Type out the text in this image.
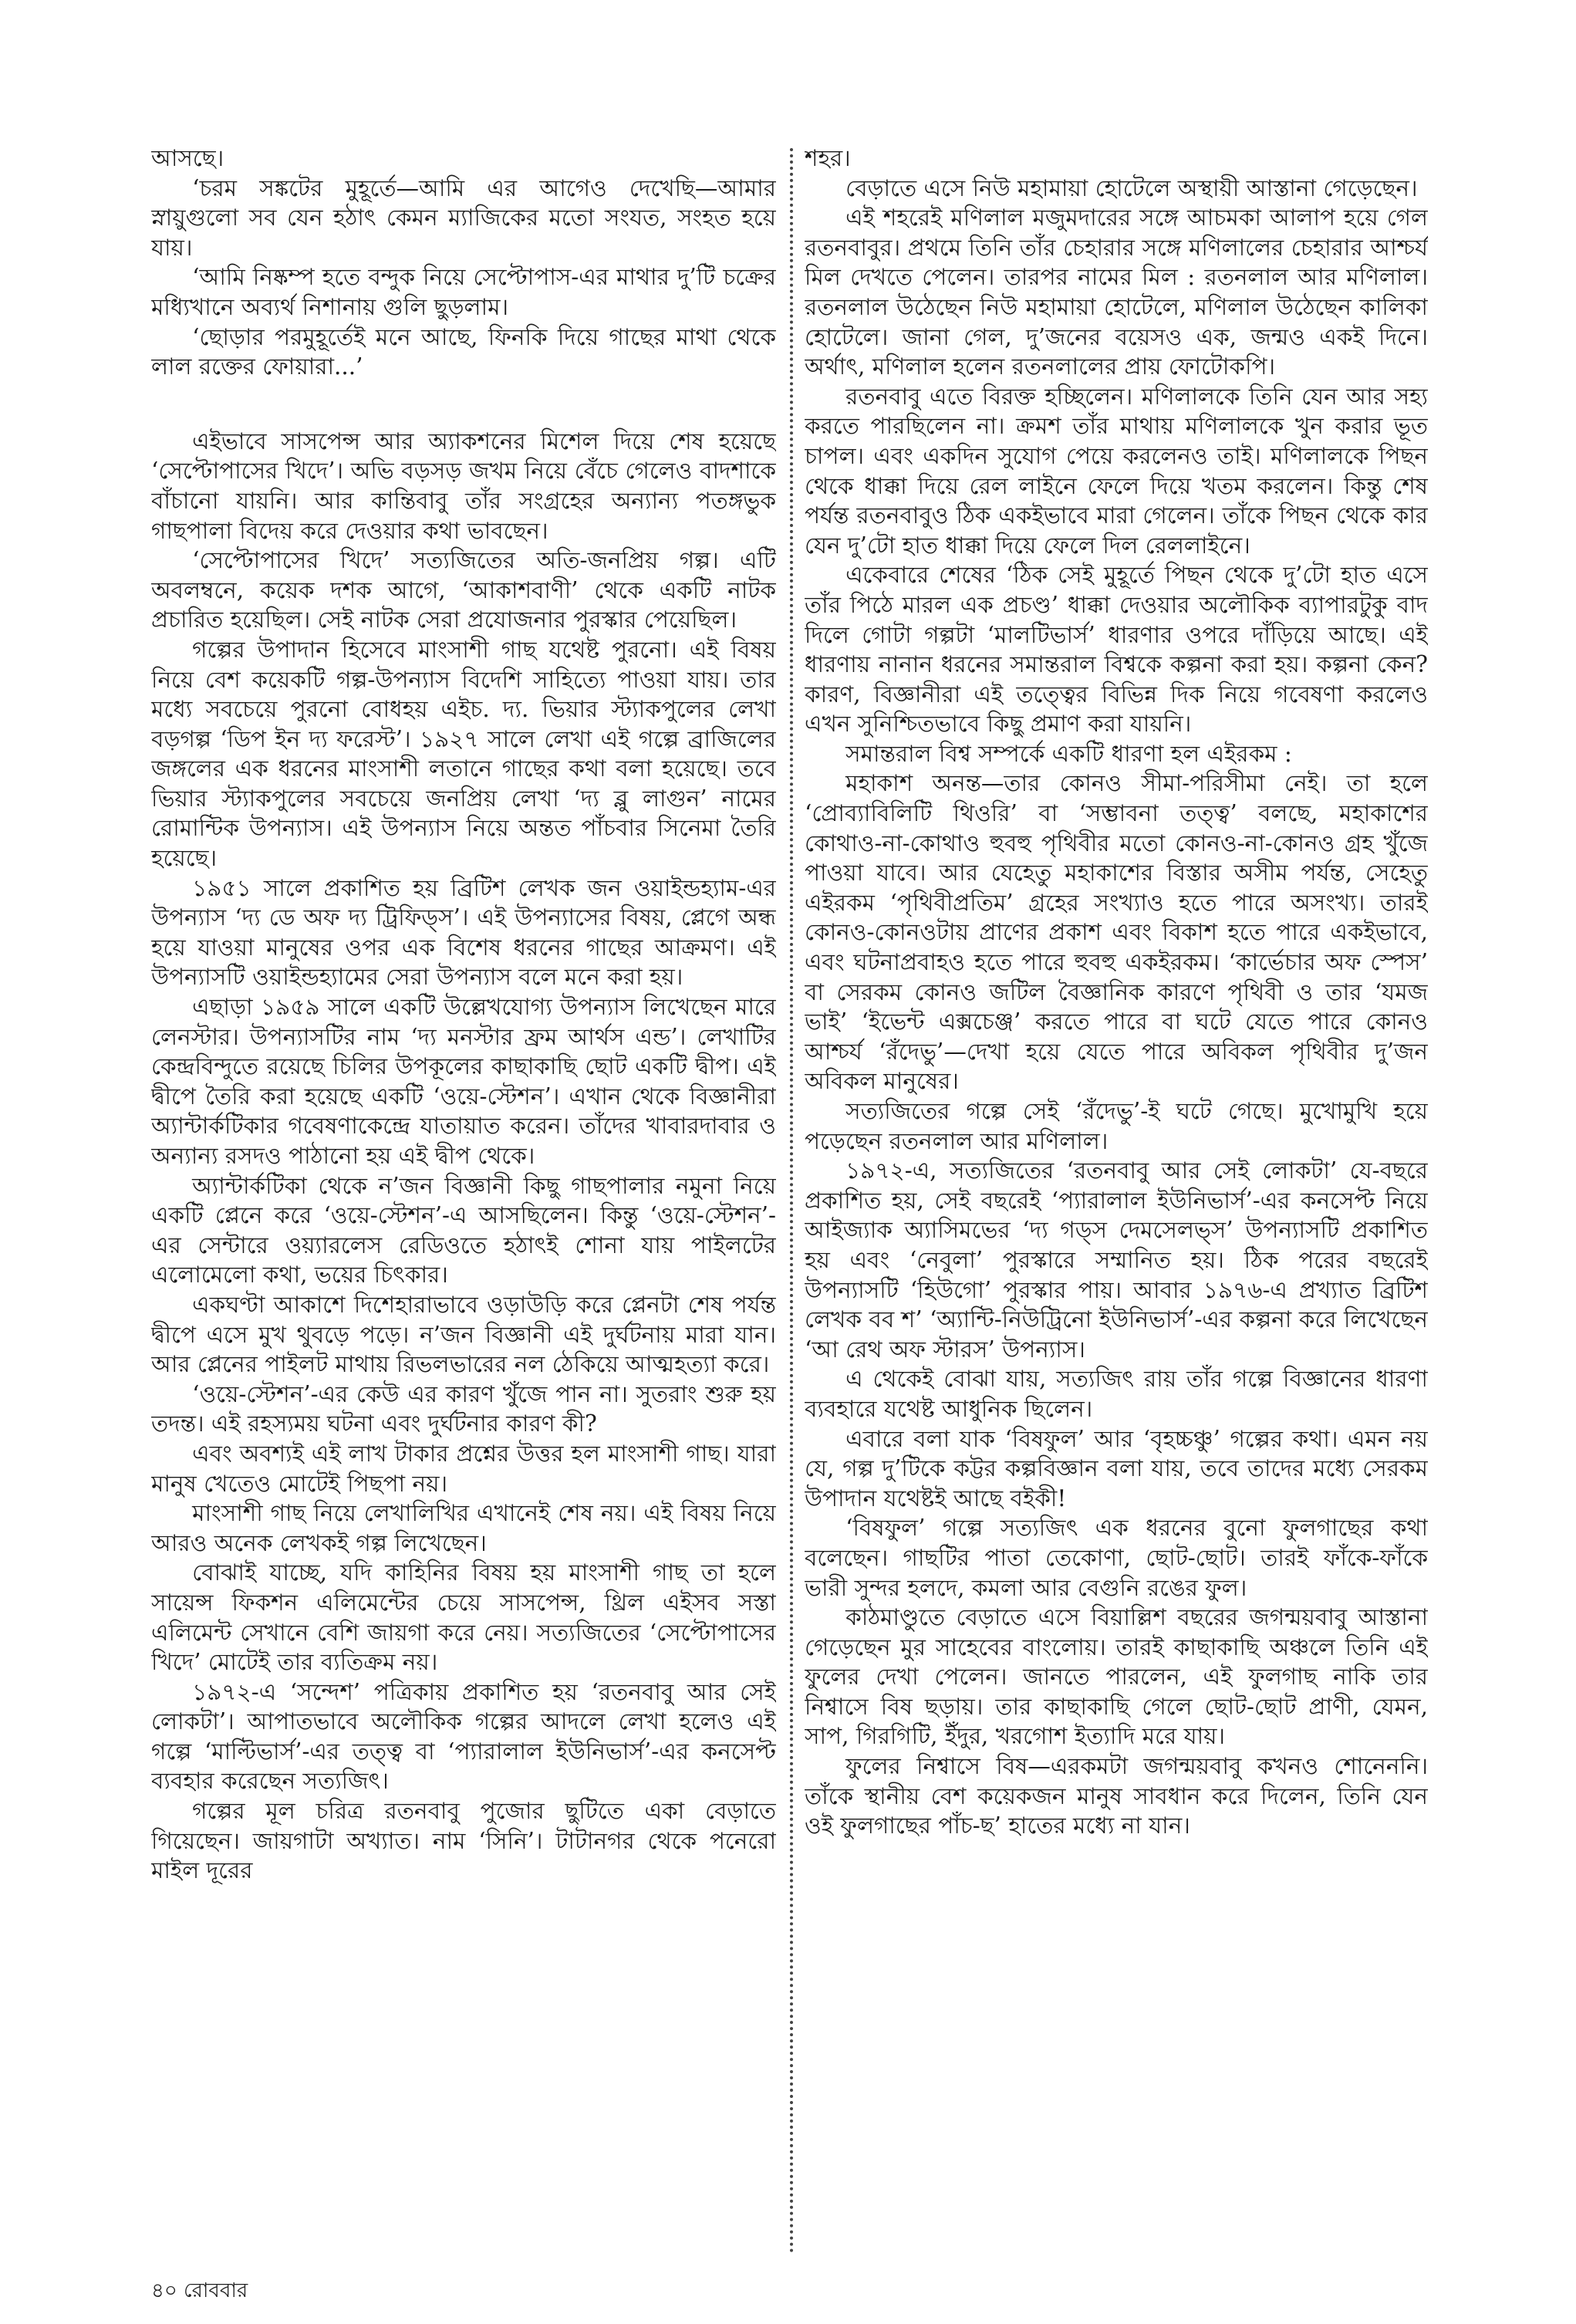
আসছে।

‘চরম সঙ্কটের মুহূর্তে—আমি এর আগেও দেখেছি—আমার স্নায়ুগুলো সব যেন হঠাৎ কেমন ম্যাজিকের মতো সংযত, সংহত হয়ে যায়।

‘আমি নিষ্কম্প হতে বন্দুক নিয়ে সেপ্টোপাস-এর মাথার দু’টি চক্রের মধ্যিখানে অব্যর্থ নিশানায় গুলি ছুড়লাম।

‘ছোড়ার পরমুহূর্তেই মনে আছে, ফিনকি দিয়ে গাছের মাথা থেকে লাল রক্তের ফোয়ারা...’

এইভাবে সাসপেন্স আর অ্যাকশনের মিশেল দিয়ে শেষ হয়েছে ‘সেপ্টোপাসের খিদে’। অভি বড়সড় জখম নিয়ে বেঁচে গেলেও বাদশাকে বাঁচানো যায়নি। আর কান্তিবাবু তাঁর সংগ্রহের অন্যান্য পতঙ্গভুক গাছপালা বিদেয় করে দেওয়ার কথা ভাবছেন।

‘সেপ্টোপাসের খিদে’ সত্যজিতের অতি-জনপ্রিয় গল্প। এটি অবলম্বনে, কয়েক দশক আগে, ‘আকাশবাণী’ থেকে একটি নাটক প্রচারিত হয়েছিল। সেই নাটক সেরা প্রযোজনার পুরস্কার পেয়েছিল।

গল্পের উপাদান হিসেবে মাংসাশী গাছ যথেষ্ট পুরনো। এই বিষয় নিয়ে বেশ কয়েকটি গল্প-উপন্যাস বিদেশি সাহিত্যে পাওয়া যায়। তার মধ্যে সবচেয়ে পুরনো বোধহয় এইচ. দ্য. ভিয়ার স্ট্যাকপুলের লেখা বড়গল্প ‘ডিপ ইন দ্য ফরেস্ট’। ১৯২৭ সালে লেখা এই গল্পে ব্রাজিলের জঙ্গলের এক ধরনের মাংসাশী লতানে গাছের কথা বলা হয়েছে। তবে ভিয়ার স্ট্যাকপুলের সবচেয়ে জনপ্রিয় লেখা ‘দ্য ব্লু লাগুন’ নামের রোমান্টিক উপন্যাস। এই উপন্যাস নিয়ে অন্তত পাঁচবার সিনেমা তৈরি হয়েছে।

১৯৫১ সালে প্রকাশিত হয় ব্রিটিশ লেখক জন ওয়াইন্ডহ্যাম-এর উপন্যাস ‘দ্য ডে অফ দ্য ট্রিফিড্স’। এই উপন্যাসের বিষয়, প্লেগে অন্ধ হয়ে যাওয়া মানুষের ওপর এক বিশেষ ধরনের গাছের আক্রমণ। এই উপন্যাসটি ওয়াইন্ডহ্যামের সেরা উপন্যাস বলে মনে করা হয়।

এছাড়া ১৯৫৯ সালে একটি উল্লেখযোগ্য উপন্যাস লিখেছেন মারে লেনস্টার। উপন্যাসটির নাম ‘দ্য মনস্টার ফ্রম আর্থস এন্ড’। লেখাটির কেন্দ্রবিন্দুতে রয়েছে চিলির উপকূলের কাছাকাছি ছোট একটি দ্বীপ। এই দ্বীপে তৈরি করা হয়েছে একটি ‘ওয়ে-স্টেশন’। এখান থেকে বিজ্ঞানীরা অ্যান্টার্কটিকার গবেষণাকেন্দ্রে যাতায়াত করেন। তাঁদের খাবারদাবার ও অন্যান্য রসদও পাঠানো হয় এই দ্বীপ থেকে।

অ্যান্টার্কটিকা থেকে ন’জন বিজ্ঞানী কিছু গাছপালার নমুনা নিয়ে একটি প্লেনে করে ‘ওয়ে-স্টেশন’-এ আসছিলেন। কিন্তু ‘ওয়ে-স্টেশন’-এর সেন্টারে ওয়্যারলেস রেডিওতে হঠাৎই শোনা যায় পাইলটের এলোমেলো কথা, ভয়ের চিৎকার।

একঘণ্টা আকাশে দিশেহারাভাবে ওড়াউড়ি করে প্লেনটা শেষ পর্যন্ত দ্বীপে এসে মুখ থুবড়ে পড়ে। ন’জন বিজ্ঞানী এই দুর্ঘটনায় মারা যান। আর প্লেনের পাইলট মাথায় রিভলভারের নল ঠেকিয়ে আত্মহত্যা করে।

‘ওয়ে-স্টেশন’-এর কেউ এর কারণ খুঁজে পান না। সুতরাং শুরু হয় তদন্ত। এই রহস্যময় ঘটনা এবং দুর্ঘটনার কারণ কী?

এবং অবশ্যই এই লাখ টাকার প্রশ্নের উত্তর হল মাংসাশী গাছ। যারা মানুষ খেতেও মোটেই পিছপা নয়।

মাংসাশী গাছ নিয়ে লেখালিখির এখানেই শেষ নয়। এই বিষয় নিয়ে আরও অনেক লেখকই গল্প লিখেছেন।

বোঝাই যাচ্ছে, যদি কাহিনির বিষয় হয় মাংসাশী গাছ তা হলে সায়েন্স ফিকশন এলিমেন্টের চেয়ে সাসপেন্স, থ্রিল এইসব সস্তা এলিমেন্ট সেখানে বেশি জায়গা করে নেয়। সত্যজিতের ‘সেপ্টোপাসের খিদে’ মোটেই তার ব্যতিক্রম নয়।

১৯৭২-এ ‘সন্দেশ’ পত্রিকায় প্রকাশিত হয় ‘রতনবাবু আর সেই লোকটা’। আপাতভাবে অলৌকিক গল্পের আদলে লেখা হলেও এই গল্পে ‘মাল্টিভার্স’-এর তত্ত্ব বা ‘প্যারালাল ইউনিভার্স’-এর কনসেপ্ট ব্যবহার করেছেন সত্যজিৎ।

গল্পের মূল চরিত্র রতনবাবু পুজোর ছুটিতে একা বেড়াতে গিয়েছেন। জায়গাটা অখ্যাত। নাম ‘সিনি’। টাটানগর থেকে পনেরো মাইল দূরের

শহর।

বেড়াতে এসে নিউ মহামায়া হোটেলে অস্থায়ী আস্তানা গেড়েছেন।

এই শহরেই মণিলাল মজুমদারের সঙ্গে আচমকা আলাপ হয়ে গেল রতনবাবুর। প্রথমে তিনি তাঁর চেহারার সঙ্গে মণিলালের চেহারার আশ্চর্য মিল দেখতে পেলেন। তারপর নামের মিল : রতনলাল আর মণিলাল। রতনলাল উঠেছেন নিউ মহামায়া হোটেলে, মণিলাল উঠেছেন কালিকা হোটেলে। জানা গেল, দু’জনের বয়েসও এক, জন্মও একই দিনে। অর্থাৎ, মণিলাল হলেন রতনলালের প্রায় ফোটোকপি।

রতনবাবু এতে বিরক্ত হচ্ছিলেন। মণিলালকে তিনি যেন আর সহ্য করতে পারছিলেন না। ক্রমশ তাঁর মাথায় মণিলালকে খুন করার ভূত চাপল। এবং একদিন সুযোগ পেয়ে করলেনও তাই। মণিলালকে পিছন থেকে ধাক্কা দিয়ে রেল লাইনে ফেলে দিয়ে খতম করলেন। কিন্তু শেষ পর্যন্ত রতনবাবুও ঠিক একইভাবে মারা গেলেন। তাঁকে পিছন থেকে কার যেন দু’টো হাত ধাক্কা দিয়ে ফেলে দিল রেললাইনে।

একেবারে শেষের ‘ঠিক সেই মুহূর্তে পিছন থেকে দু’টো হাত এসে তাঁর পিঠে মারল এক প্রচণ্ড’ ধাক্কা দেওয়ার অলৌকিক ব্যাপারটুকু বাদ দিলে গোটা গল্পটা ‘মালটিভার্স’ ধারণার ওপরে দাঁড়িয়ে আছে। এই ধারণায় নানান ধরনের সমান্তরাল বিশ্বকে কল্পনা করা হয়। কল্পনা কেন? কারণ, বিজ্ঞানীরা এই তত্ত্বের বিভিন্ন দিক নিয়ে গবেষণা করলেও এখন সুনিশ্চিতভাবে কিছু প্রমাণ করা যায়নি।

সমান্তরাল বিশ্ব সম্পর্কে একটি ধারণা হল এইরকম :

মহাকাশ অনন্ত—তার কোনও সীমা-পরিসীমা নেই। তা হলে ‘প্রোব্যাবিলিটি থিওরি’ বা ‘সম্ভাবনা তত্ত্ব’ বলছে, মহাকাশের কোথাও-না-কোথাও হুবহু পৃথিবীর মতো কোনও-না-কোনও গ্রহ খুঁজে পাওয়া যাবে। আর যেহেতু মহাকাশের বিস্তার অসীম পর্যন্ত, সেহেতু এইরকম ‘পৃথিবীপ্রতিম’ গ্রহের সংখ্যাও হতে পারে অসংখ্য। তারই কোনও-কোনওটায় প্রাণের প্রকাশ এবং বিকাশ হতে পারে একইভাবে, এবং ঘটনাপ্রবাহও হতে পারে হুবহু একইরকম। ‘কার্ভেচার অফ স্পেস’ বা সেরকম কোনও জটিল বৈজ্ঞানিক কারণে পৃথিবী ও তার ‘যমজ ভাই’ ‘ইভেন্ট এক্সচেঞ্জ’ করতে পারে বা ঘটে যেতে পারে কোনও আশ্চর্য ‘রঁদেভু’—দেখা হয়ে যেতে পারে অবিকল পৃথিবীর দু’জন অবিকল মানুষের।

সত্যজিতের গল্পে সেই ‘রঁদেভু’-ই ঘটে গেছে। মুখোমুখি হয়ে পড়েছেন রতনলাল আর মণিলাল।

১৯৭২-এ, সত্যজিতের ‘রতনবাবু আর সেই লোকটা’ যে-বছরে প্রকাশিত হয়, সেই বছরেই ‘প্যারালাল ইউনিভার্স’-এর কনসেপ্ট নিয়ে আইজ্যাক অ্যাসিমভের ‘দ্য গড্স দেমসেলভ্স’ উপন্যাসটি প্রকাশিত হয় এবং ‘নেবুলা’ পুরস্কারে সম্মানিত হয়। ঠিক পরের বছরেই উপন্যাসটি ‘হিউগো’ পুরস্কার পায়। আবার ১৯৭৬-এ প্রখ্যাত ব্রিটিশ লেখক বব শ’ ‘অ্যান্টি-নিউট্রিনো ইউনিভার্স’-এর কল্পনা করে লিখেছেন ‘আ রেথ অফ স্টারস’ উপন্যাস।

এ থেকেই বোঝা যায়, সত্যজিৎ রায় তাঁর গল্পে বিজ্ঞানের ধারণা ব্যবহারে যথেষ্ট আধুনিক ছিলেন।

এবারে বলা যাক ‘বিষফুল’ আর ‘বৃহচ্চঞ্চু’ গল্পের কথা। এমন নয় যে, গল্প দু’টিকে কট্টর কল্পবিজ্ঞান বলা যায়, তবে তাদের মধ্যে সেরকম উপাদান যথেষ্টই আছে বইকী!

‘বিষফুল’ গল্পে সত্যজিৎ এক ধরনের বুনো ফুলগাছের কথা বলেছেন। গাছটির পাতা তেকোণা, ছোট-ছোট। তারই ফাঁকে-ফাঁকে ভারী সুন্দর হলদে, কমলা আর বেগুনি রঙের ফুল।

কাঠমাণ্ডুতে বেড়াতে এসে বিয়াল্লিশ বছরের জগন্ময়বাবু আস্তানা গেড়েছেন মুর সাহেবের বাংলোয়। তারই কাছাকাছি অঞ্চলে তিনি এই ফুলের দেখা পেলেন। জানতে পারলেন, এই ফুলগাছ নাকি তার নিশ্বাসে বিষ ছড়ায়। তার কাছাকাছি গেলে ছোট-ছোট প্রাণী, যেমন, সাপ, গিরগিটি, ইঁদুর, খরগোশ ইত্যাদি মরে যায়।

ফুলের নিশ্বাসে বিষ—এরকমটা জগন্ময়বাবু কখনও শোনেননি। তাঁকে স্থানীয় বেশ কয়েকজন মানুষ সাবধান করে দিলেন, তিনি যেন ওই ফুলগাছের পাঁচ-ছ’ হাতের মধ্যে না যান।

৪০ রোববার
